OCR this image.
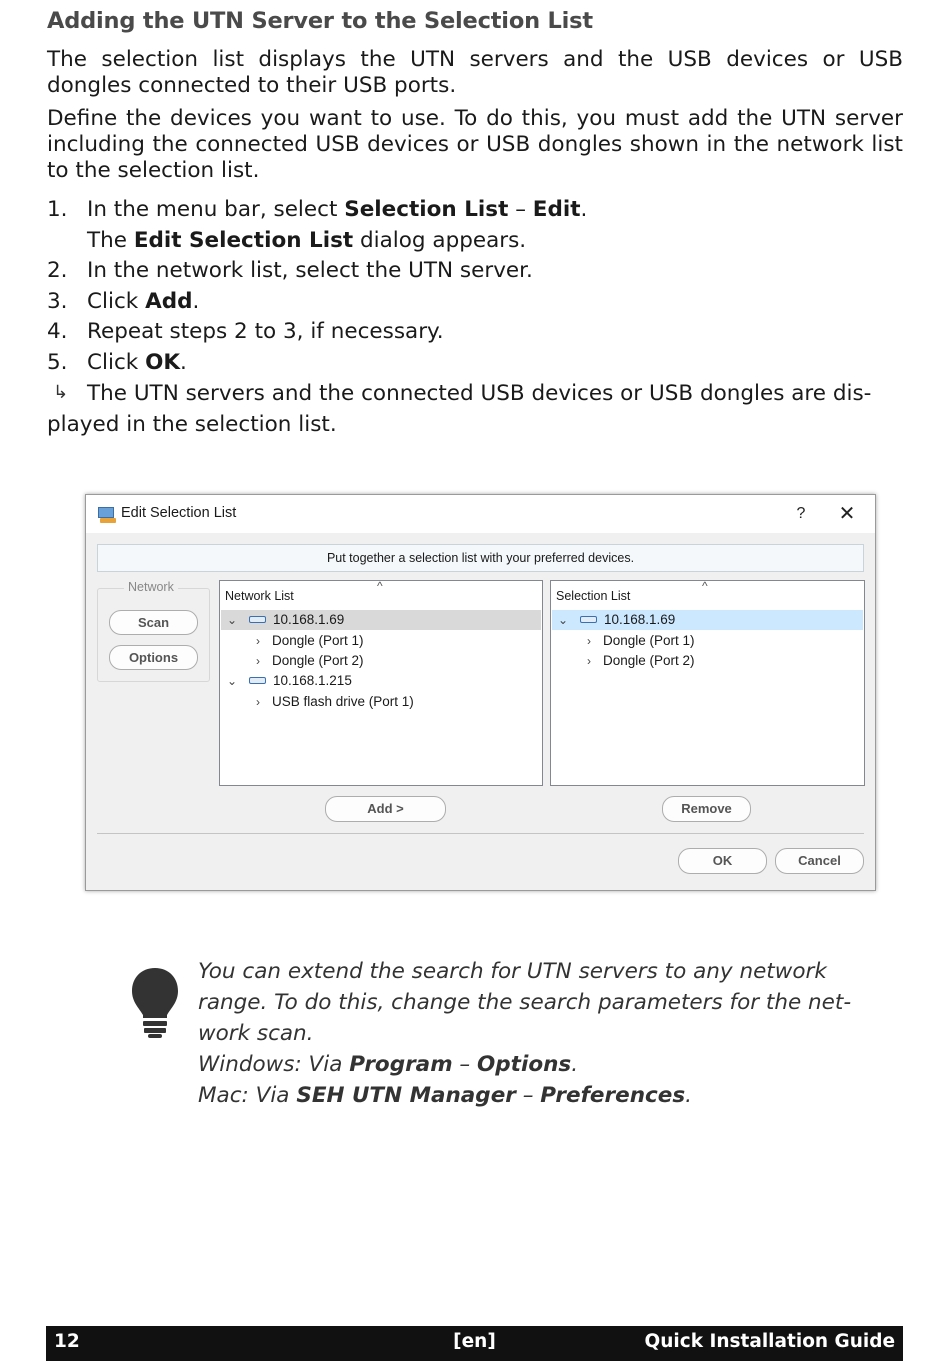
Adding the UTN Server to the Selection List

The selection list displays the UTN servers and the USB devices or USB dongles connected to their USB ports.

Define the devices you want to use. To do this, you must add the UTN server including the connected USB devices or USB dongles shown in the network list to the selection list.

1. In the menu bar, select Selection List – Edit.
The Edit Selection List dialog appears.
2. In the network list, select the UTN server.
3. Click Add.
4. Repeat steps 2 to 3, if necessary.
5. Click OK.
↳ The UTN servers and the connected USB devices or USB dongles are dis-
played in the selection list.
Edit Selection List	?	✕
Put together a selection list with your preferred devices.
Network
Scan
Options
Network List
^
⌄	10.168.1.69
› Dongle (Port 1)
› Dongle (Port 2)
⌄	10.168.1.215
› USB flash drive (Port 1)
Selection List
^
⌄	10.168.1.69
› Dongle (Port 1)
› Dongle (Port 2)
Add >	Remove
OK	Cancel
You can extend the search for UTN servers to any network
range. To do this, change the search parameters for the net-
work scan.
Windows: Via Program – Options.
Mac: Via SEH UTN Manager – Preferences.
12	[en]	Quick Installation Guide
